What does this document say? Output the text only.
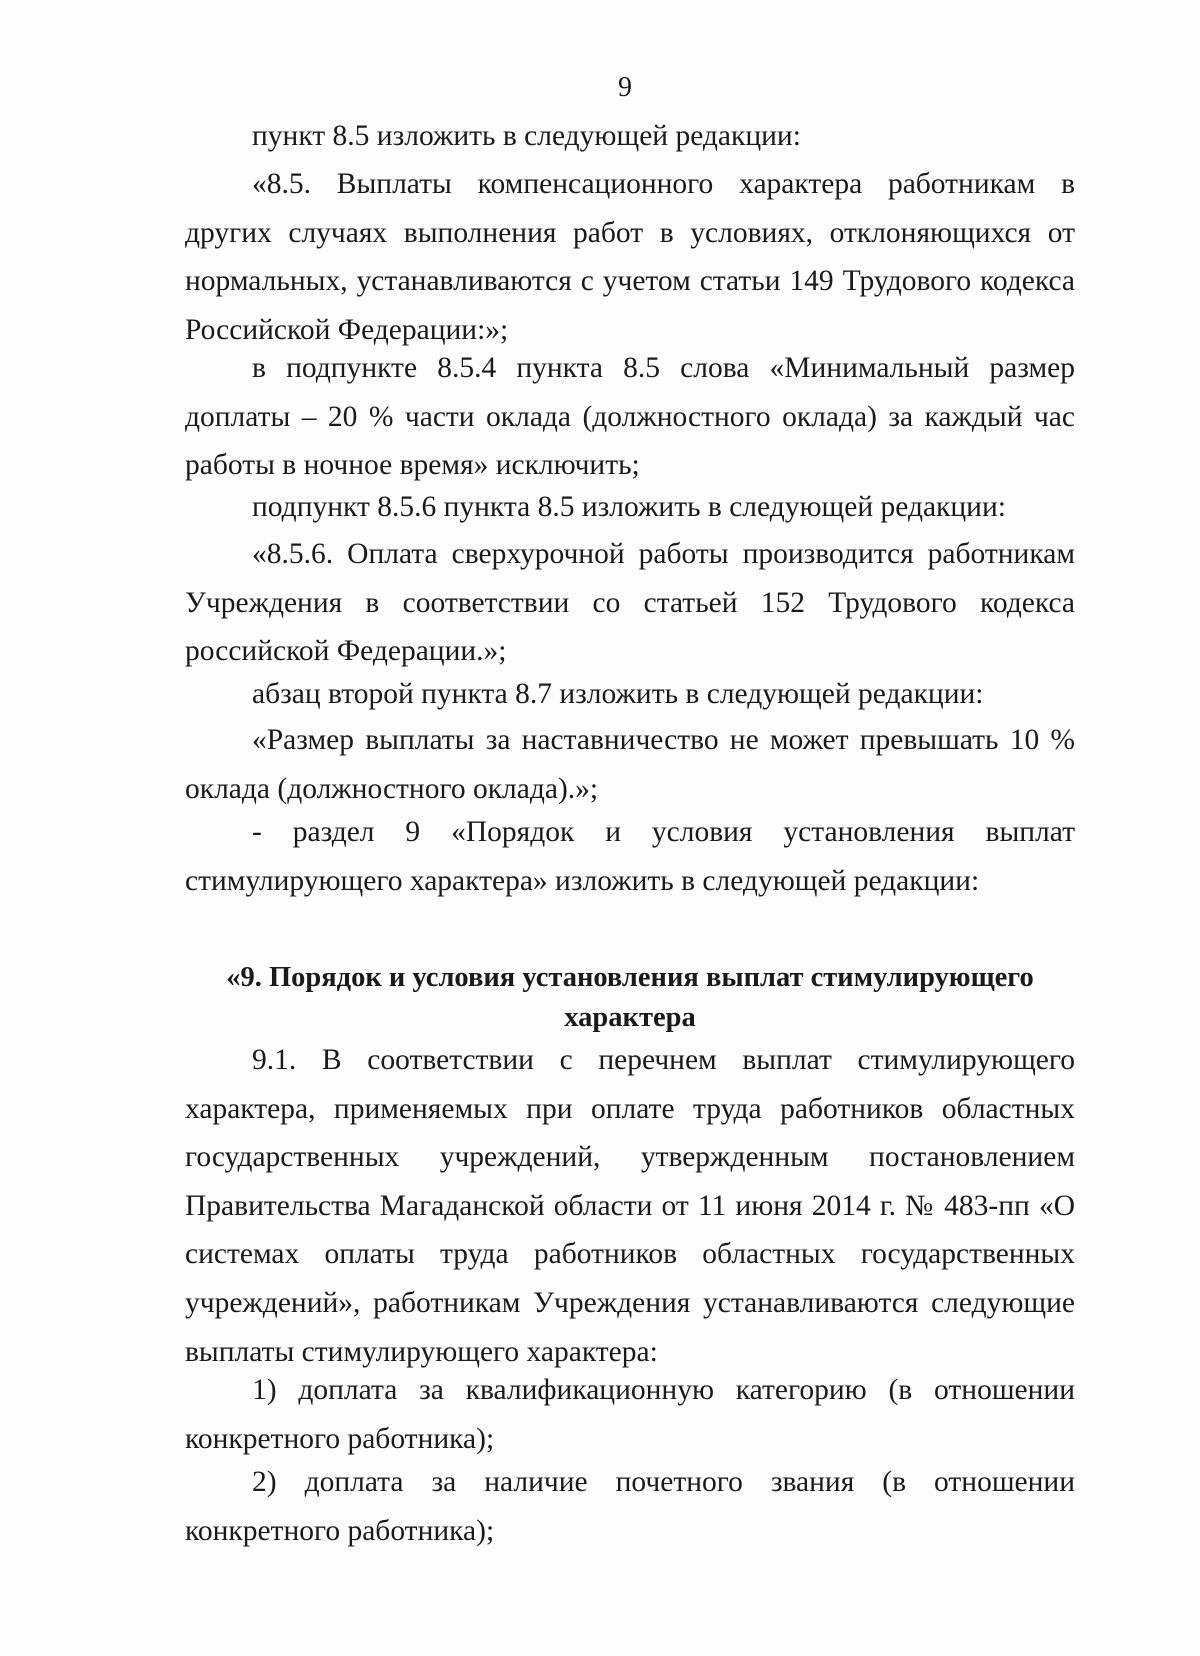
9

пункт 8.5 изложить в следующей редакции:

«8.5. Выплаты компенсационного характера работникам в других случаях выполнения работ в условиях, отклоняющихся от нормальных, устанавливаются с учетом статьи 149 Трудового кодекса Российской Федерации:»;

в подпункте 8.5.4 пункта 8.5 слова «Минимальный размер доплаты – 20 % части оклада (должностного оклада) за каждый час работы в ночное время» исключить;

подпункт 8.5.6 пункта 8.5 изложить в следующей редакции:

«8.5.6. Оплата сверхурочной работы производится работникам Учреждения в соответствии со статьей 152 Трудового кодекса российской Федерации.»;

абзац второй пункта 8.7 изложить в следующей редакции:

«Размер выплаты за наставничество не может превышать 10 % оклада (должностного оклада).»;

- раздел 9 «Порядок и условия установления выплат стимулирующего характера» изложить в следующей редакции:

«9. Порядок и условия установления выплат стимулирующего
характера

9.1. В соответствии с перечнем выплат стимулирующего характера, применяемых при оплате труда работников областных государственных учреждений, утвержденным постановлением Правительства Магаданской области от 11 июня 2014 г. № 483-пп «О системах оплаты труда работников областных государственных учреждений», работникам Учреждения устанавливаются следующие выплаты стимулирующего характера:

1) доплата за квалификационную категорию (в отношении конкретного работника);

2) доплата за наличие почетного звания (в отношении конкретного работника);
